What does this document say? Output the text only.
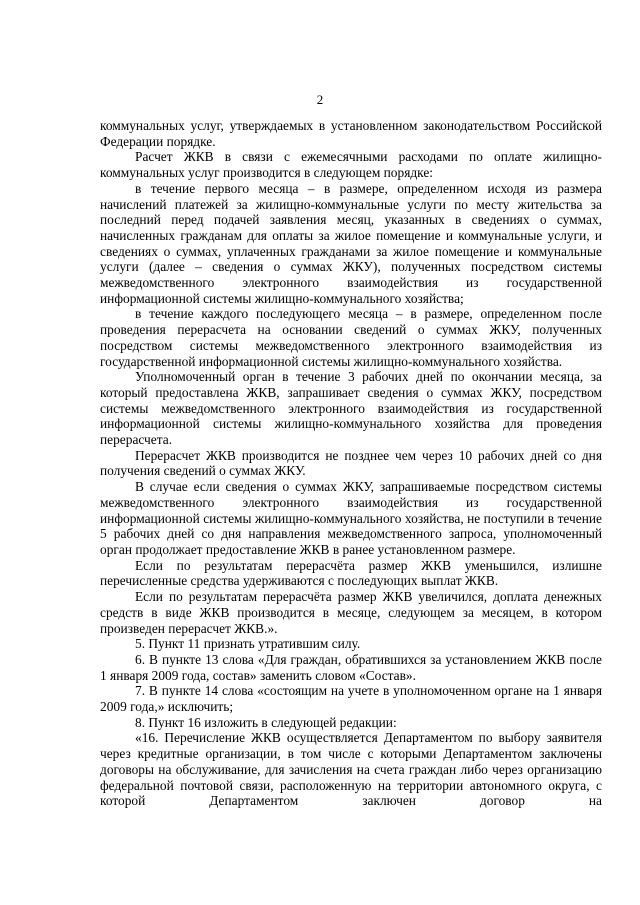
2

коммунальных услуг, утверждаемых в установленном законодательством Российской Федерации порядке.

Расчет ЖКВ в связи с ежемесячными расходами по оплате жилищно-коммунальных услуг производится в следующем порядке:

в течение первого месяца – в размере, определенном исходя из размера начислений платежей за жилищно-коммунальные услуги по месту жительства за последний перед подачей заявления месяц, указанных в сведениях о суммах, начисленных гражданам для оплаты за жилое помещение и коммунальные услуги, и сведениях о суммах, уплаченных гражданами за жилое помещение и коммунальные услуги (далее – сведения о суммах ЖКУ), полученных посредством системы межведомственного электронного взаимодействия из государственной информационной системы жилищно-коммунального хозяйства;

в течение каждого последующего месяца – в размере, определенном после проведения перерасчета на основании сведений о суммах ЖКУ, полученных посредством системы межведомственного электронного взаимодействия из государственной информационной системы жилищно-коммунального хозяйства.

Уполномоченный орган в течение 3 рабочих дней по окончании месяца, за который предоставлена ЖКВ, запрашивает сведения о суммах ЖКУ, посредством системы межведомственного электронного взаимодействия из государственной информационной системы жилищно-коммунального хозяйства для проведения перерасчета.

Перерасчет ЖКВ производится не позднее чем через 10 рабочих дней со дня получения сведений о суммах ЖКУ.

В случае если сведения о суммах ЖКУ, запрашиваемые посредством системы межведомственного электронного взаимодействия из государственной информационной системы жилищно-коммунального хозяйства, не поступили в течение 5 рабочих дней со дня направления межведомственного запроса, уполномоченный орган продолжает предоставление ЖКВ в ранее установленном размере.

Если по результатам перерасчёта размер ЖКВ уменьшился, излишне перечисленные средства удерживаются с последующих выплат ЖКВ.

Если по результатам перерасчёта размер ЖКВ увеличился, доплата денежных средств в виде ЖКВ производится в месяце, следующем за месяцем, в котором произведен перерасчет ЖКВ.».

5. Пункт 11 признать утратившим силу.

6. В пункте 13 слова «Для граждан, обратившихся за установлением ЖКВ после 1 января 2009 года, состав» заменить словом «Состав».

7. В пункте 14 слова «состоящим на учете в уполномоченном органе на 1 января 2009 года,» исключить;

8. Пункт 16 изложить в следующей редакции:

«16. Перечисление ЖКВ осуществляется Департаментом по выбору заявителя через кредитные организации, в том числе с которыми Департаментом заключены договоры на обслуживание, для зачисления на счета граждан либо через организацию федеральной почтовой связи, расположенную на территории автономного округа, с которой Департаментом заключен договор на
